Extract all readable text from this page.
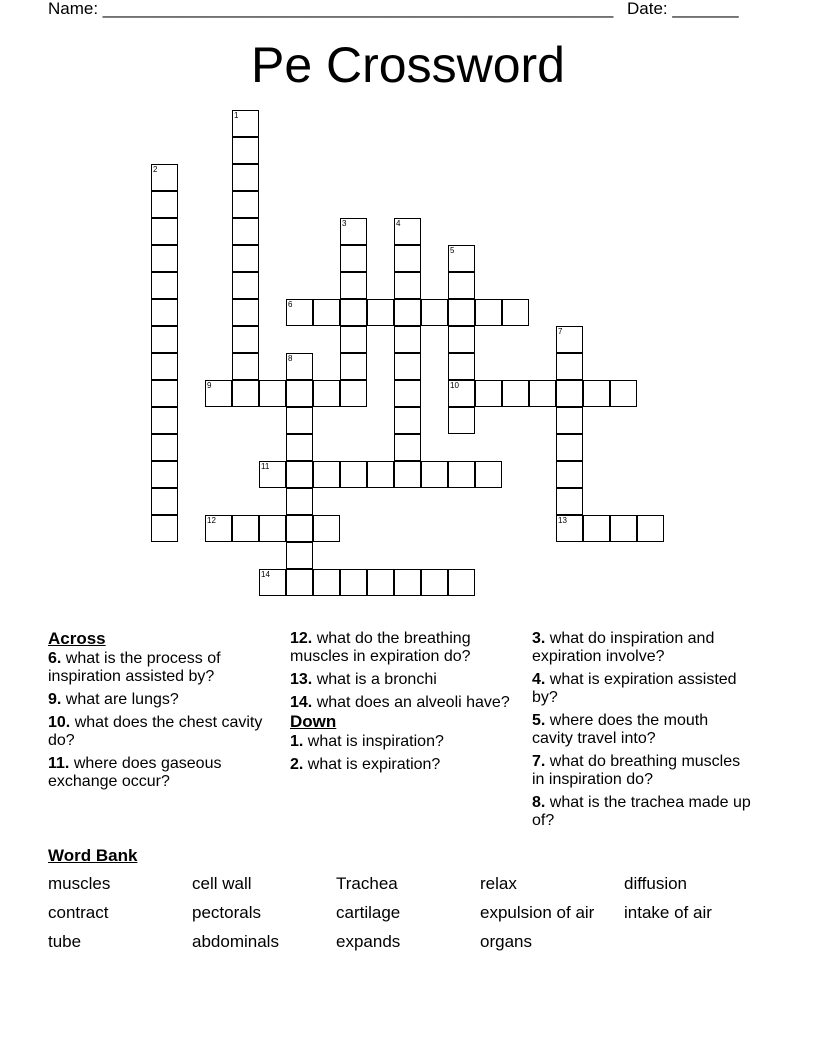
Name: ______________________________________________________ Date: _______
Pe Crossword
1
2
3	4
5
10
6
7
13
8
9
11
12
14
Across
6. what is the process of inspiration assisted by?
9. what are lungs?
10. what does the chest cavity do?
11. where does gaseous exchange occur?
12. what do the breathing muscles in expiration do?
13. what is a bronchi
14. what does an alveoli have?
Down
1. what is inspiration?
2. what is expiration?
3. what do inspiration and expiration involve?
4. what is expiration assisted by?
5. where does the mouth cavity travel into?
7. what do breathing muscles in inspiration do?
8. what is the trachea made up of?
Word Bank
muscles	cell wall	Trachea	relax	diffusion
contract	pectorals	cartilage	expulsion of air	intake of air
tube	abdominals	expands	organs
